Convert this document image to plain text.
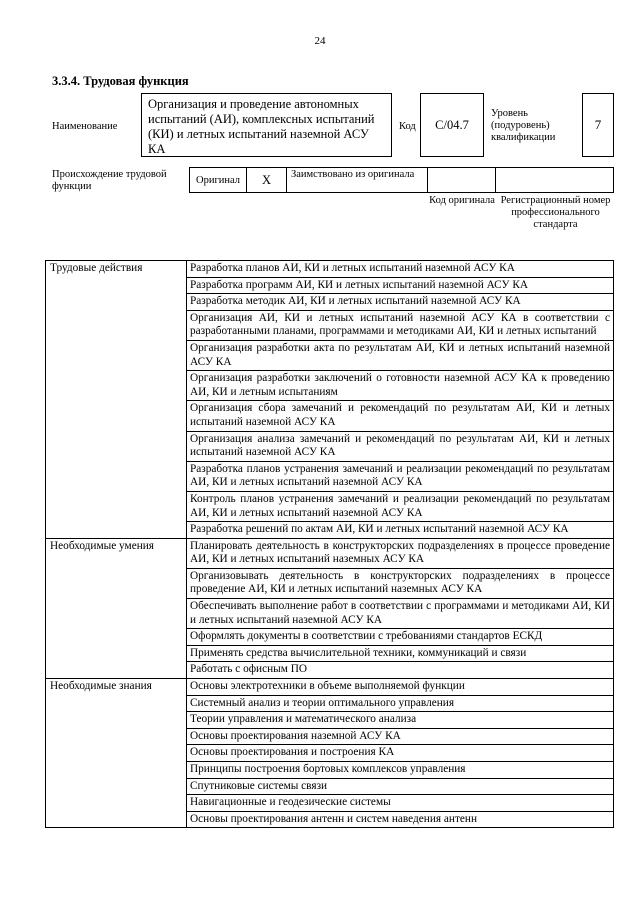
24
3.3.4. Трудовая функция
Наименование
Организация и проведение автономных испытаний (АИ), комплексных испытаний (КИ) и летных испытаний наземной АСУ КА
Код	С/04.7
Уровень (подуровень) квалификации
7
Происхождение трудовой функции
Оригинал	Х	Заимствовано из оригинала
Код оригинала Регистрационный номер профессионального стандарта
Трудовые действия	Разработка планов АИ, КИ и летных испытаний наземной АСУ КА
	Разработка программ АИ, КИ и летных испытаний наземной АСУ КА
	Разработка методик АИ, КИ и летных испытаний наземной АСУ КА
	Организация АИ, КИ и летных испытаний наземной АСУ КА в соответствии с разработанными планами, программами и методиками АИ, КИ и летных испытаний
	Организация разработки акта по результатам АИ, КИ и летных испытаний наземной АСУ КА
	Организация разработки заключений о готовности наземной АСУ КА к проведению АИ, КИ и летным испытаниям
	Организация сбора замечаний и рекомендаций по результатам АИ, КИ и летных испытаний наземной АСУ КА
	Организация анализа замечаний и рекомендаций по результатам АИ, КИ и летных испытаний наземной АСУ КА
	Разработка планов устранения замечаний и реализации рекомендаций по результатам АИ, КИ и летных испытаний наземной АСУ КА
	Контроль планов устранения замечаний и реализации рекомендаций по результатам АИ, КИ и летных испытаний наземной АСУ КА
	Разработка решений по актам АИ, КИ и летных испытаний наземной АСУ КА
Необходимые умения	Планировать деятельность в конструкторских подразделениях в процессе проведение АИ, КИ и летных испытаний наземных АСУ КА
	Организовывать деятельность в конструкторских подразделениях в процессе проведение АИ, КИ и летных испытаний наземных АСУ КА
	Обеспечивать выполнение работ в соответствии с программами и методиками АИ, КИ и летных испытаний наземной АСУ КА
	Оформлять документы в соответствии с требованиями стандартов ЕСКД
	Применять средства вычислительной техники, коммуникаций и связи
	Работать с офисным ПО
Необходимые знания	Основы электротехники в объеме выполняемой функции
	Системный анализ и теории оптимального управления
	Теории управления и математического анализа
	Основы проектирования наземной АСУ КА
	Основы проектирования и построения КА
	Принципы построения бортовых комплексов управления
	Спутниковые системы связи
	Навигационные и геодезические системы
	Основы проектирования антенн и систем наведения антенн
